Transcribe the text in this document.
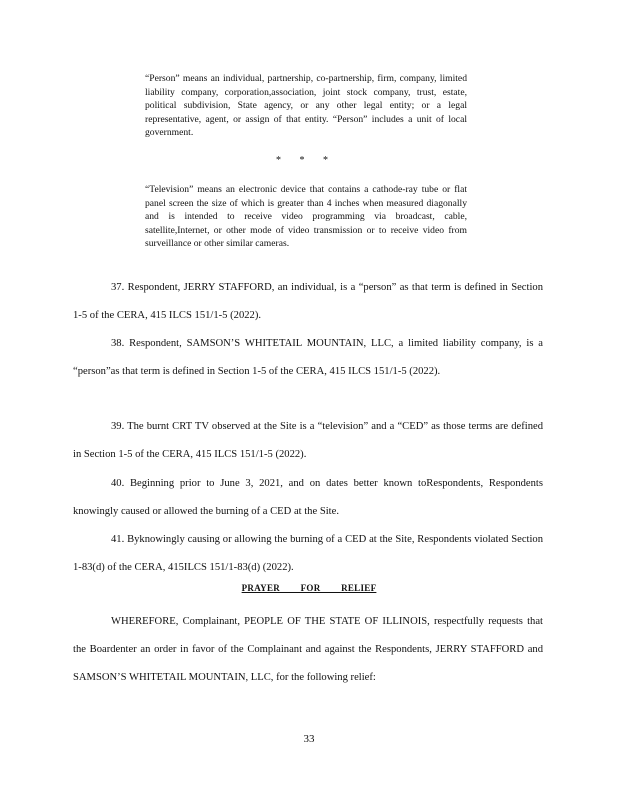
“Person” means an individual, partnership, co-partnership, firm, company, limited liability company, corporation,association, joint stock company, trust, estate, political subdivision, State agency, or any other legal entity; or a legal representative, agent, or assign of that entity. “Person” includes a unit of local government.
* * *
“Television” means an electronic device that contains a cathode-ray tube or flat panel screen the size of which is greater than 4 inches when measured diagonally and is intended to receive video programming via broadcast, cable, satellite,Internet, or other mode of video transmission or to receive video from surveillance or other similar cameras.

37. Respondent, JERRY STAFFORD, an individual, is a “person” as that term is defined in Section 1-5 of the CERA, 415 ILCS 151/1-5 (2022).

38. Respondent, SAMSON’S WHITETAIL MOUNTAIN, LLC, a limited liability company, is a “person”as that term is defined in Section 1-5 of the CERA, 415 ILCS 151/1-5 (2022).

39. The burnt CRT TV observed at the Site is a “television” and a “CED” as those terms are defined in Section 1-5 of the CERA, 415 ILCS 151/1-5 (2022).

40. Beginning prior to June 3, 2021, and on dates better known toRespondents, Respondents knowingly caused or allowed the burning of a CED at the Site.

41. Byknowingly causing or allowing the burning of a CED at the Site, Respondents violated Section 1-83(d) of the CERA, 415ILCS 151/1-83(d) (2022).

PRAYER FOR RELIEF

WHEREFORE, Complainant, PEOPLE OF THE STATE OF ILLINOIS, respectfully requests that the Boardenter an order in favor of the Complainant and against the Respondents, JERRY STAFFORD and SAMSON’S WHITETAIL MOUNTAIN, LLC, for the following relief:

33
